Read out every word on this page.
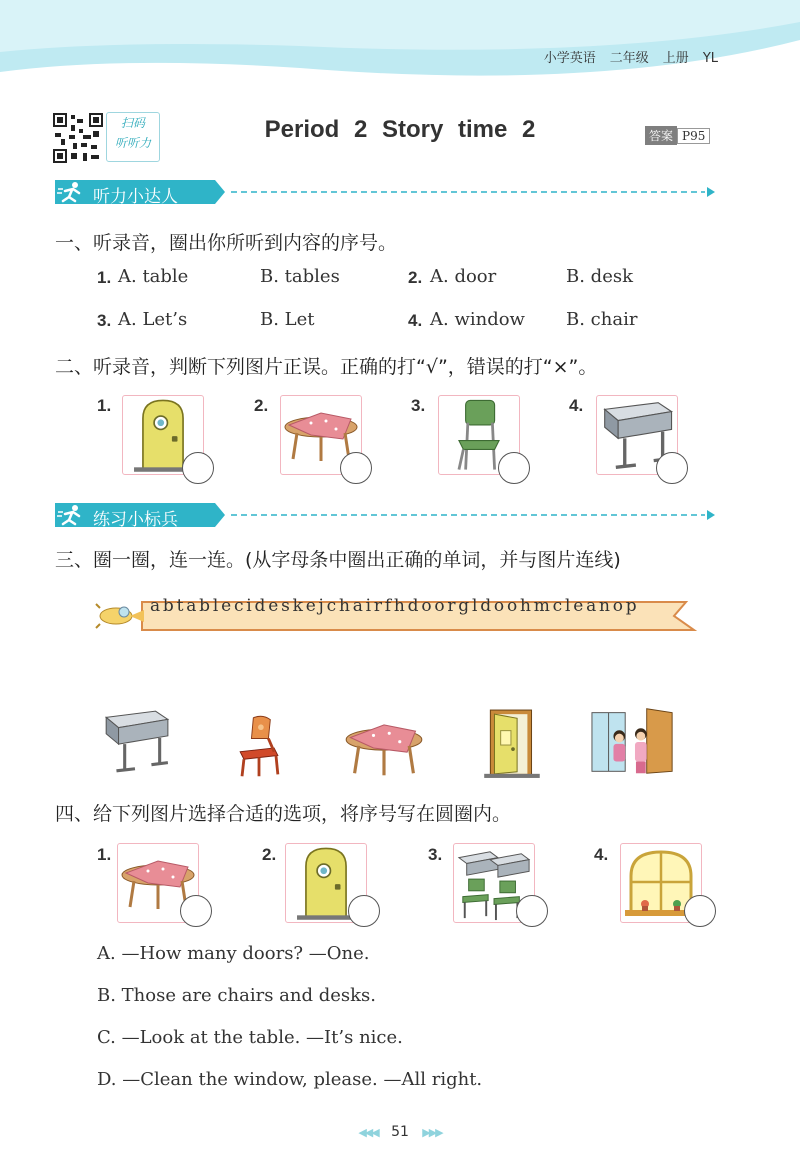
小学英语 二年级 上册 YL
扫码
听听力	Period 2 Story time 2	答案 P95
听力小达人
一、听录音，圈出你所听到内容的序号。
1. A. table	B. tables	2. A. door	B. desk
3. A. Let’s	B. Let	4. A. window B. chair
二、听录音，判断下列图片正误。正确的打“√”，错误的打“×”。
1.	2.	3.	4.
练习小标兵
三、圈一圈，连一连。(从字母条中圈出正确的单词，并与图片连线)
abtablecideskejchairfhdoorgldoohmcleanop
四、给下列图片选择合适的选项，将序号写在圆圈内。
1.	2.	3.	4.
A. —How many doors? —One.
B. Those are chairs and desks.
C. —Look at the table. —It’s nice.
D. —Clean the window, please. —All right.
◀◀◀ 51 ▶▶▶
